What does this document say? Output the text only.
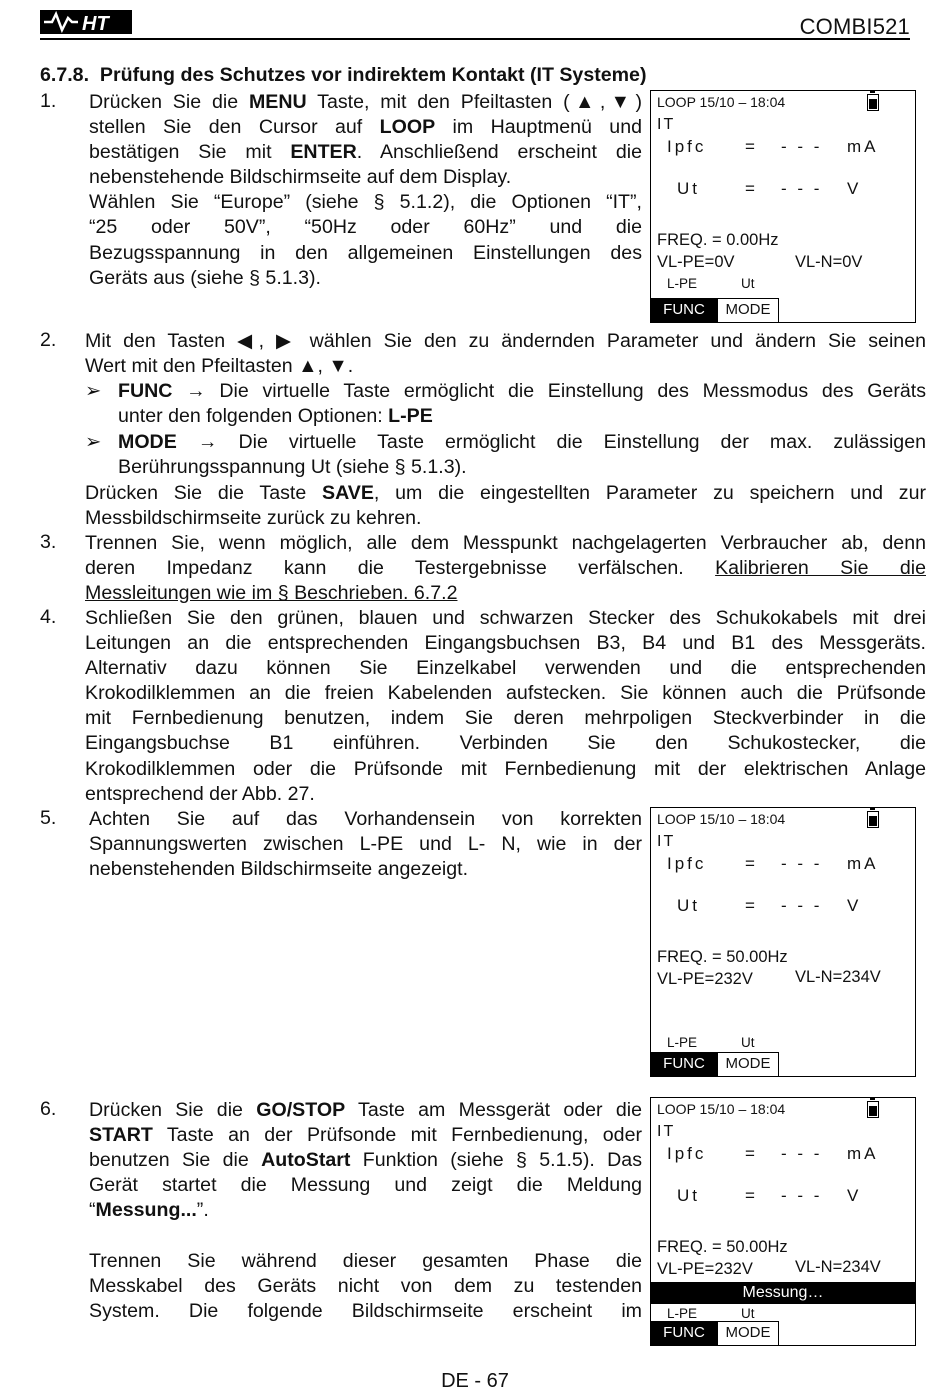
HT	COMBI521
6.7.8. Prüfung des Schutzes vor indirektem Kontakt (IT Systeme)
1. Drücken Sie die MENU Taste, mit den Pfeiltasten (▲,▼)
stellen Sie den Cursor auf LOOP im Hauptmenü und
bestätigen Sie mit ENTER. Anschließend erscheint die
nebenstehende Bildschirmseite auf dem Display.
Wählen Sie “Europe” (siehe § 5.1.2), die Optionen “IT”,
“25 oder 50V”, “50Hz oder 60Hz” und die
Bezugsspannung in den allgemeinen Einstellungen des
Geräts aus (siehe § 5.1.3).
LOOP 15/10 – 18:04
IT
Ipfc = - - - mA
Ut	= - - - V
FREQ. = 0.00Hz
VL-PE=0V	VL-N=0V
L-PE	Ut
FUNC	MODE
2. Mit den Tasten ◀, ▶ wählen Sie den zu ändernden Parameter und ändern Sie seinen
Wert mit den Pfeiltasten ▲, ▼.
➢ FUNC → Die virtuelle Taste ermöglicht die Einstellung des Messmodus des Geräts
unter den folgenden Optionen: L-PE
➢ MODE → Die virtuelle Taste ermöglicht die Einstellung der max. zulässigen
Berührungsspannung Ut (siehe § 5.1.3).
Drücken Sie die Taste SAVE, um die eingestellten Parameter zu speichern und zur
Messbildschirmseite zurück zu kehren.
3. Trennen Sie, wenn möglich, alle dem Messpunkt nachgelagerten Verbraucher ab, denn
deren Impedanz kann die Testergebnisse verfälschen. Kalibrieren Sie die
Messleitungen wie im § Beschrieben. 6.7.2
4. Schließen Sie den grünen, blauen und schwarzen Stecker des Schukokabels mit drei
Leitungen an die entsprechenden Eingangsbuchsen B3, B4 und B1 des Messgeräts.
Alternativ dazu können Sie Einzelkabel verwenden und die entsprechenden
Krokodilklemmen an die freien Kabelenden aufstecken. Sie können auch die Prüfsonde
mit Fernbedienung benutzen, indem Sie deren mehrpoligen Steckverbinder in die
Eingangsbuchse B1 einführen. Verbinden Sie den Schukostecker, die
Krokodilklemmen oder die Prüfsonde mit Fernbedienung mit der elektrischen Anlage
entsprechend der Abb. 27.
5. Achten Sie auf das Vorhandensein von korrekten
Spannungswerten zwischen L-PE und L- N, wie in der
nebenstehenden Bildschirmseite angezeigt.
LOOP 15/10 – 18:04
IT
Ipfc = - - - mA
Ut	= - - - V
FREQ. = 50.00Hz
VL-PE=232V	VL-N=234V
L-PE	Ut
FUNC	MODE
6. Drücken Sie die GO/STOP Taste am Messgerät oder die
START Taste an der Prüfsonde mit Fernbedienung, oder
benutzen Sie die AutoStart Funktion (siehe § 5.1.5). Das
Gerät startet die Messung und zeigt die Meldung
“Messung...”.
Trennen Sie während dieser gesamten Phase die
Messkabel des Geräts nicht von dem zu testenden
System. Die folgende Bildschirmseite erscheint im
LOOP 15/10 – 18:04
IT
Ipfc = - - - mA
Ut	= - - - V
FREQ. = 50.00Hz
VL-PE=232V	VL-N=234V
Messung…
L-PE	Ut
FUNC	MODE
DE - 67
